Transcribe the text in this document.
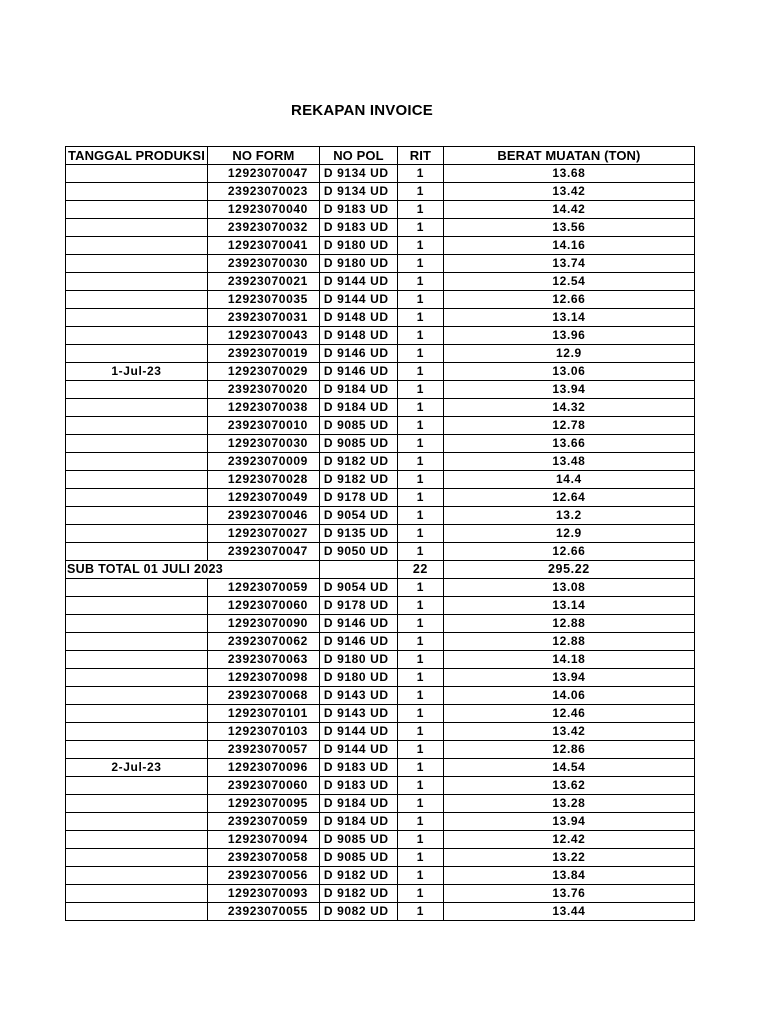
REKAPAN INVOICE
TANGGAL PRODUKSI	NO FORM	NO POL	RIT	BERAT MUATAN (TON)
	12923070047	D 9134 UD	1	13.68
	23923070023	D 9134 UD	1	13.42
	12923070040	D 9183 UD	1	14.42
	23923070032	D 9183 UD	1	13.56
	12923070041	D 9180 UD	1	14.16
	23923070030	D 9180 UD	1	13.74
	23923070021	D 9144 UD	1	12.54
	12923070035	D 9144 UD	1	12.66
	23923070031	D 9148 UD	1	13.14
	12923070043	D 9148 UD	1	13.96
	23923070019	D 9146 UD	1	12.9
1-Jul-23	12923070029	D 9146 UD	1	13.06
	23923070020	D 9184 UD	1	13.94
	12923070038	D 9184 UD	1	14.32
	23923070010	D 9085 UD	1	12.78
	12923070030	D 9085 UD	1	13.66
	23923070009	D 9182 UD	1	13.48
	12923070028	D 9182 UD	1	14.4
	12923070049	D 9178 UD	1	12.64
	23923070046	D 9054 UD	1	13.2
	12923070027	D 9135 UD	1	12.9
	23923070047	D 9050 UD	1	12.66
SUB TOTAL 01 JULI 2023			22	295.22
	12923070059	D 9054 UD	1	13.08
	12923070060	D 9178 UD	1	13.14
	12923070090	D 9146 UD	1	12.88
	23923070062	D 9146 UD	1	12.88
	23923070063	D 9180 UD	1	14.18
	12923070098	D 9180 UD	1	13.94
	23923070068	D 9143 UD	1	14.06
	12923070101	D 9143 UD	1	12.46
	12923070103	D 9144 UD	1	13.42
	23923070057	D 9144 UD	1	12.86
2-Jul-23	12923070096	D 9183 UD	1	14.54
	23923070060	D 9183 UD	1	13.62
	12923070095	D 9184 UD	1	13.28
	23923070059	D 9184 UD	1	13.94
	12923070094	D 9085 UD	1	12.42
	23923070058	D 9085 UD	1	13.22
	23923070056	D 9182 UD	1	13.84
	12923070093	D 9182 UD	1	13.76
	23923070055	D 9082 UD	1	13.44
